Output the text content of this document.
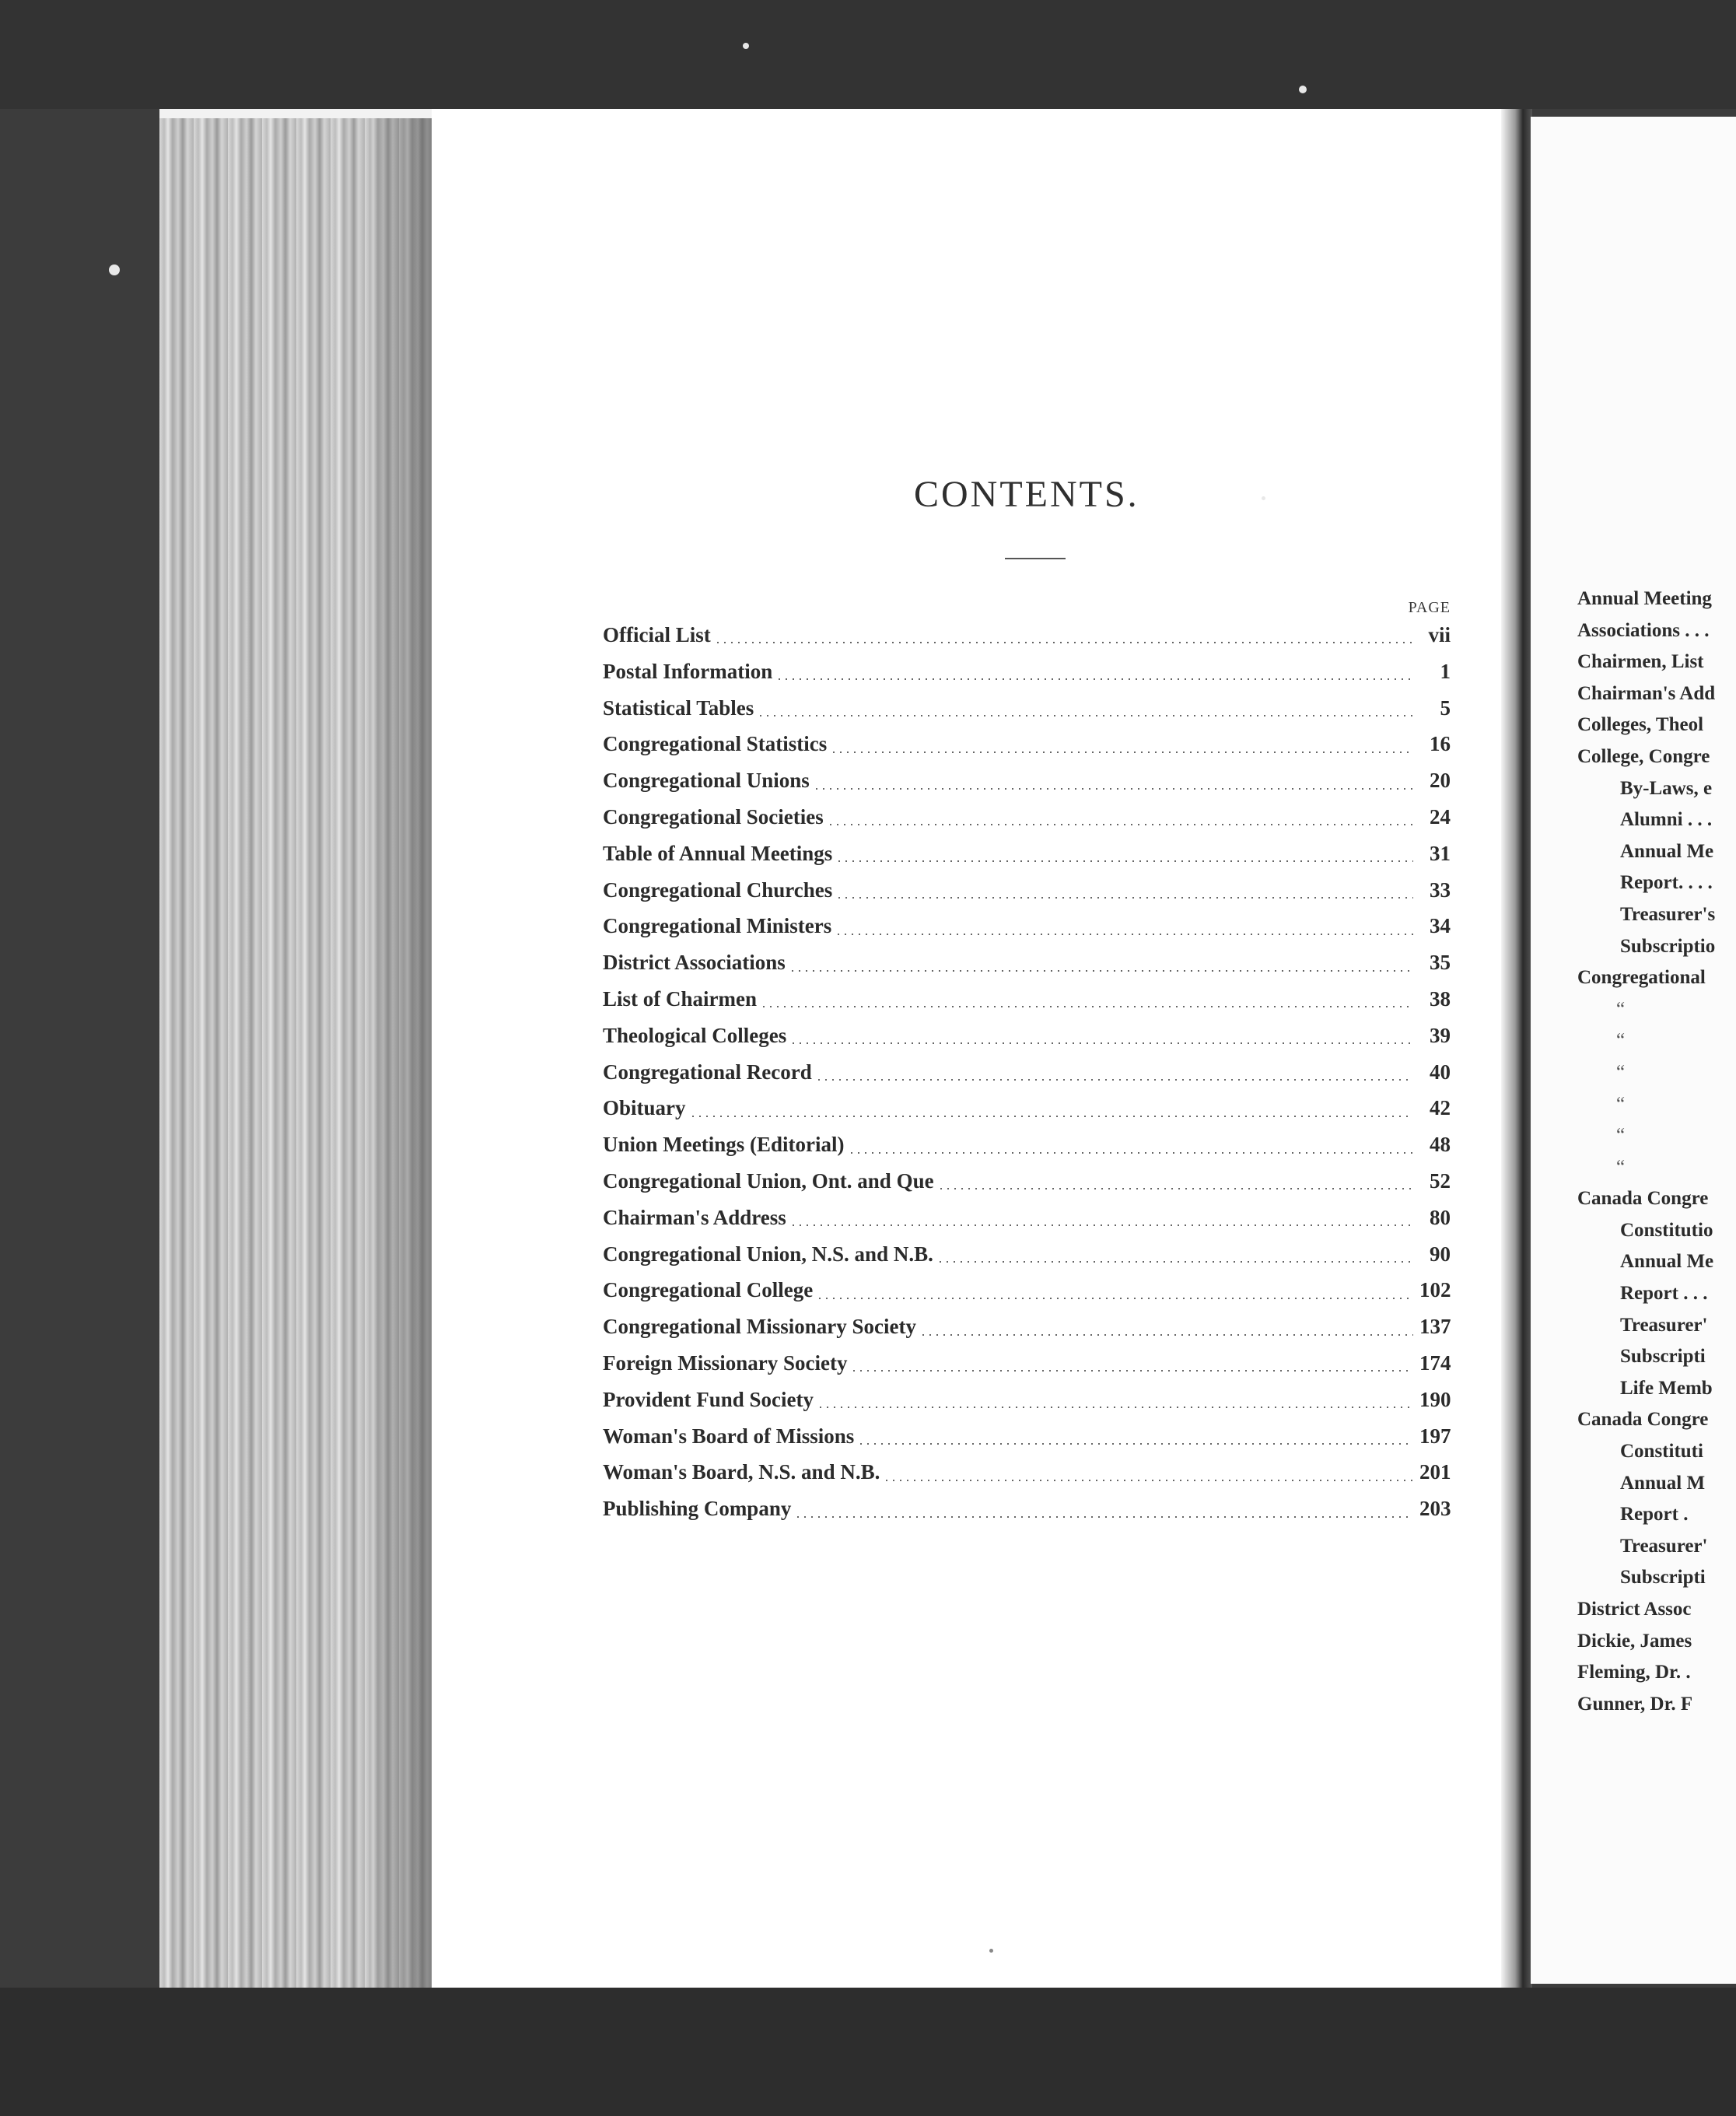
CONTENTS.
PAGE
Official List	vii
Postal Information	1
Statistical Tables	5
Congregational Statistics	16
Congregational Unions	20
Congregational Societies	24
Table of Annual Meetings	31
Congregational Churches	33
Congregational Ministers	34
District Associations	35
List of Chairmen	38
Theological Colleges	39
Congregational Record	40
Obituary	42
Union Meetings (Editorial)	48
Congregational Union, Ont. and Que	52
Chairman's Address	80
Congregational Union, N.S. and N.B.	90
Congregational College	102
Congregational Missionary Society	137
Foreign Missionary Society	174
Provident Fund Society	190
Woman's Board of Missions	197
Woman's Board, N.S. and N.B.	201
Publishing Company	203
Annual Meeting
Associations . . .
Chairmen, List
Chairman's Add
Colleges, Theol
College, Congre
By-Laws, e
Alumni . . .
Annual Me
Report. . . .
Treasurer's
Subscriptio
Congregational
“
“
“
“
“
“
Canada Congre
Constitutio
Annual Me
Report . . .
Treasurer'
Subscripti
Life Memb
Canada Congre
Constituti
Annual M
Report .
Treasurer'
Subscripti
District Assoc
Dickie, James
Fleming, Dr. .
Gunner, Dr. F
